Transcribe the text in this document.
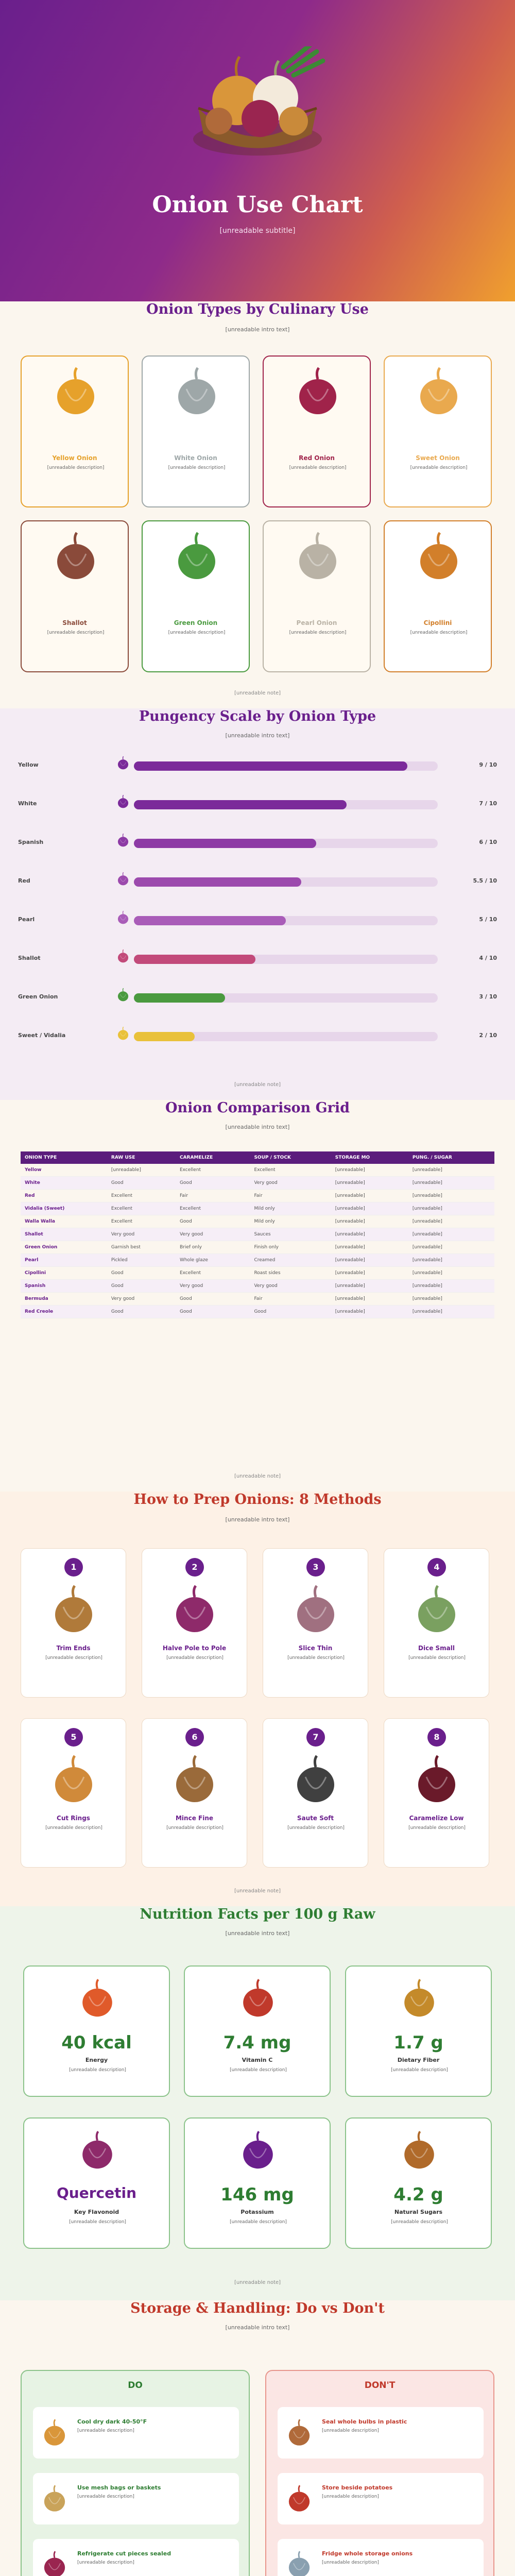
Onion Use Chart
[unreadable subtitle]
Onion Types by Culinary Use

[unreadable intro text]

Yellow Onion
[unreadable description]
White Onion
[unreadable description]
Red Onion
[unreadable description]
Sweet Onion
[unreadable description]
Shallot
[unreadable description]
Green Onion
[unreadable description]
Pearl Onion
[unreadable description]
Cipollini
[unreadable description]
[unreadable note]
Pungency Scale by Onion Type

[unreadable intro text]

Yellow	9 / 10
White	7 / 10
Spanish	6 / 10
Red	5.5 / 10
Pearl	5 / 10
Shallot	4 / 10
Green Onion	3 / 10
Sweet / Vidalia	2 / 10
[unreadable note]
Onion Comparison Grid

[unreadable intro text]

ONION TYPE	RAW USE	CARAMELIZE	SOUP / STOCK	STORAGE MO	PUNG. / SUGAR
Yellow	[unreadable]	Excellent	Excellent	[unreadable]	[unreadable]
White	Good	Good	Very good	[unreadable]	[unreadable]
Red	Excellent	Fair	Fair	[unreadable]	[unreadable]
Vidalia (Sweet)	Excellent	Excellent	Mild only	[unreadable]	[unreadable]
Walla Walla	Excellent	Good	Mild only	[unreadable]	[unreadable]
Shallot	Very good	Very good	Sauces	[unreadable]	[unreadable]
Green Onion	Garnish best	Brief only	Finish only	[unreadable]	[unreadable]
Pearl	Pickled	Whole glaze	Creamed	[unreadable]	[unreadable]
Cipollini	Good	Excellent	Roast sides	[unreadable]	[unreadable]
Spanish	Good	Very good	Very good	[unreadable]	[unreadable]
Bermuda	Very good	Good	Fair	[unreadable]	[unreadable]
Red Creole	Good	Good	Good	[unreadable]	[unreadable]
[unreadable note]
How to Prep Onions: 8 Methods

[unreadable intro text]

1
Trim Ends
[unreadable description]
2
Halve Pole to Pole
[unreadable description]
3
Slice Thin
[unreadable description]
4
Dice Small
[unreadable description]
5
Cut Rings
[unreadable description]
6
Mince Fine
[unreadable description]
7
Saute Soft
[unreadable description]
8
Caramelize Low
[unreadable description]
[unreadable note]
Nutrition Facts per 100 g Raw

[unreadable intro text]

40 kcal
Energy
[unreadable description]
7.4 mg
Vitamin C
[unreadable description]
1.7 g
Dietary Fiber
[unreadable description]
Quercetin
Key Flavonoid
[unreadable description]
146 mg
Potassium
[unreadable description]
4.2 g
Natural Sugars
[unreadable description]
[unreadable note]
Storage & Handling: Do vs Don't

[unreadable intro text]

DO
Cool dry dark 40-50°F
[unreadable description]
Use mesh bags or baskets
[unreadable description]
Refrigerate cut pieces sealed
[unreadable description]
DON'T
Seal whole bulbs in plastic
[unreadable description]
Store beside potatoes
[unreadable description]
Fridge whole storage onions
[unreadable description]
